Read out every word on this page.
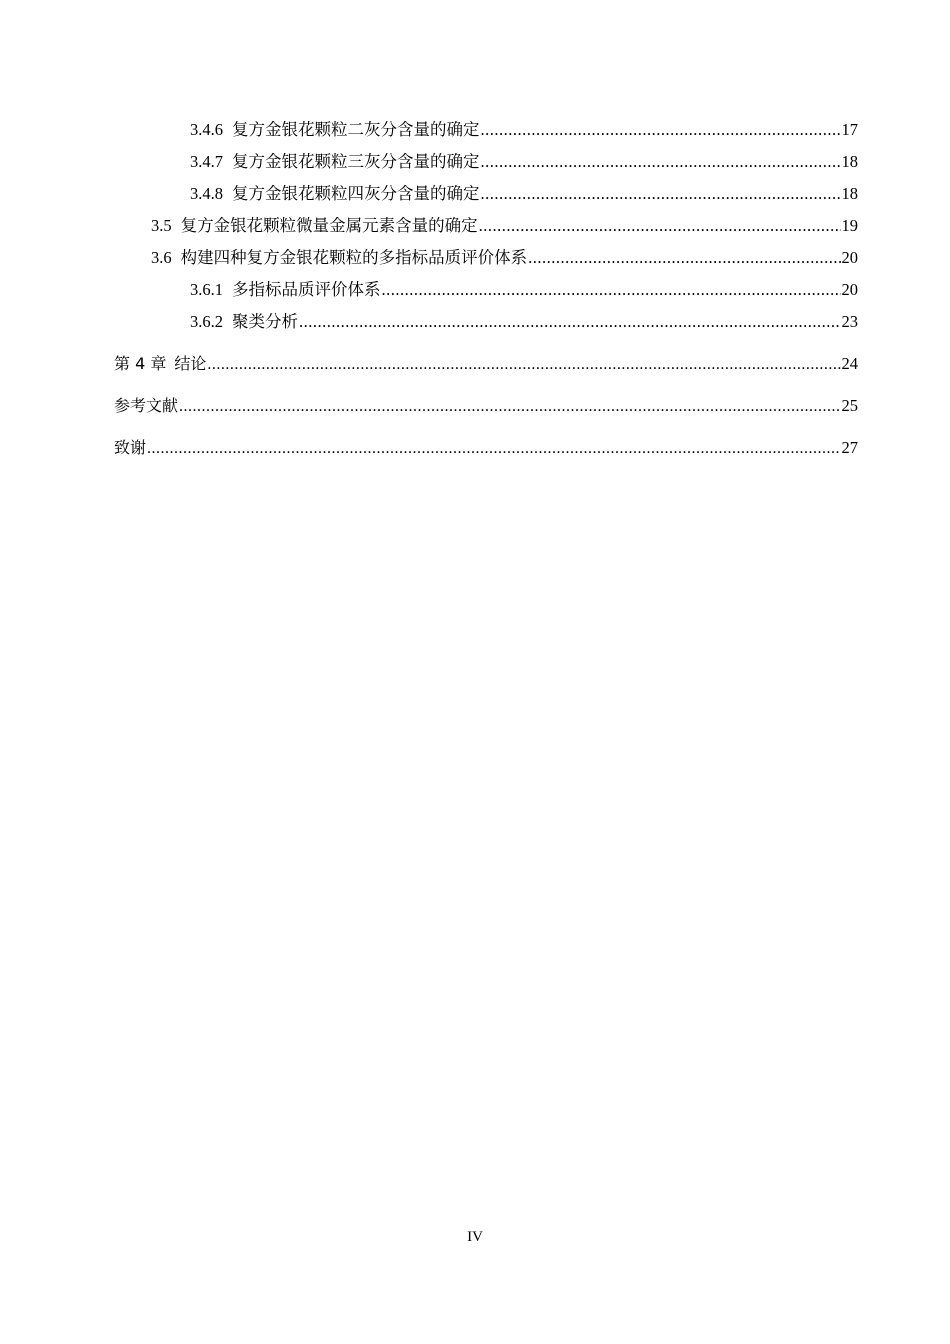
3.4.6 复方金银花颗粒二灰分含量的确定 .....	17
3.4.7 复方金银花颗粒三灰分含量的确定 .....	18
3.4.8 复方金银花颗粒四灰分含量的确定 .....	18
3.5 复方金银花颗粒微量金属元素含量的确定 .....	19
3.6 构建四种复方金银花颗粒的多指标品质评价体系 .....	20
3.6.1 多指标品质评价体系 .....	20
3.6.2 聚类分析 .....	23
第 4 章 结论 .....	24
参考文献 .....	25
致谢 .....	27
IV
